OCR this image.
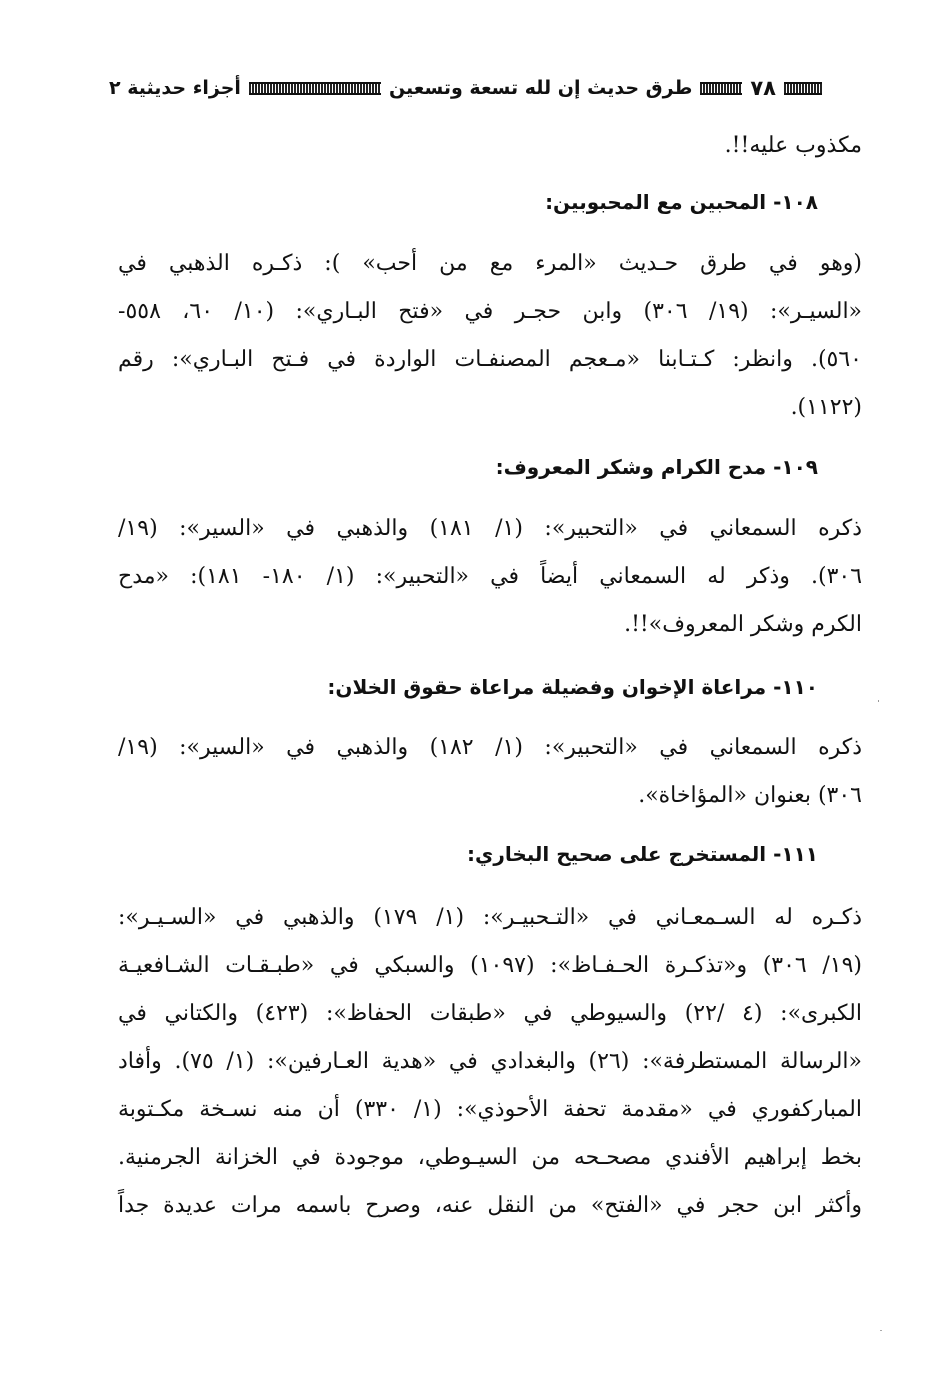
٧٨
طرق حديث إن لله تسعة وتسعين
أجزاء حديثية ٢
مكذوب عليه!!.
١٠٨- المحبين مع المحبوبين:
(وهو في طرق حـديث «المرء مع من أحب» ): ذكـره الذهبي في
«السيـر»: (١٩/ ٣٠٦) وابن حجـر في «فتح البـاري»: (١٠/ ٦٠، ٥٥٨-
٥٦٠). وانظر: كـتـابنا «مـعجم المصنفـات الواردة في فـتح البـاري»: رقم
(١١٢٢).
١٠٩- مدح الكرام وشكر المعروف:
ذكره السمعاني في «التحبير»: (١/ ١٨١) والذهبي في «السير»: (١٩/
٣٠٦). وذكر له السمعاني أيضاً في «التحبير»: (١/ ١٨٠- ١٨١): «مدح
الكرم وشكر المعروف»!!.
١١٠- مراعاة الإخوان وفضيلة مراعاة حقوق الخلان:
ذكره السمعاني في «التحبير»: (١/ ١٨٢) والذهبي في «السير»: (١٩/
٣٠٦) بعنوان «المؤاخاة».
١١١- المستخرج على صحيح البخاري:
ذكـره له السـمعـاني في «التـحبيـر»: (١/ ١٧٩) والذهبي في «السـيـر»:
(١٩/ ٣٠٦) و«تذكـرة الحـفـاظ»: (١٠٩٧) والسبكي في «طبـقـات الشـافعيـة
الكبرى»: (٤ /٢٢) والسيوطي في «طبقات الحفاظ»: (٤٢٣) والكتاني في
«الرسالة المستطرفة»: (٢٦) والبغدادي في «هدية العـارفين»: (١/ ٧٥). وأفاد
المباركفوري في «مقدمة تحفة الأحوذي»: (١/ ٣٣٠) أن منه نسـخة مكـتوبة
بخط إبراهيم الأفندي مصحـحه من السيـوطي، موجودة في الخزانة الجرمنية.
وأكثر ابن حجر في «الفتح» من النقل عنه، وصرح باسمه مرات عديدة جداً
